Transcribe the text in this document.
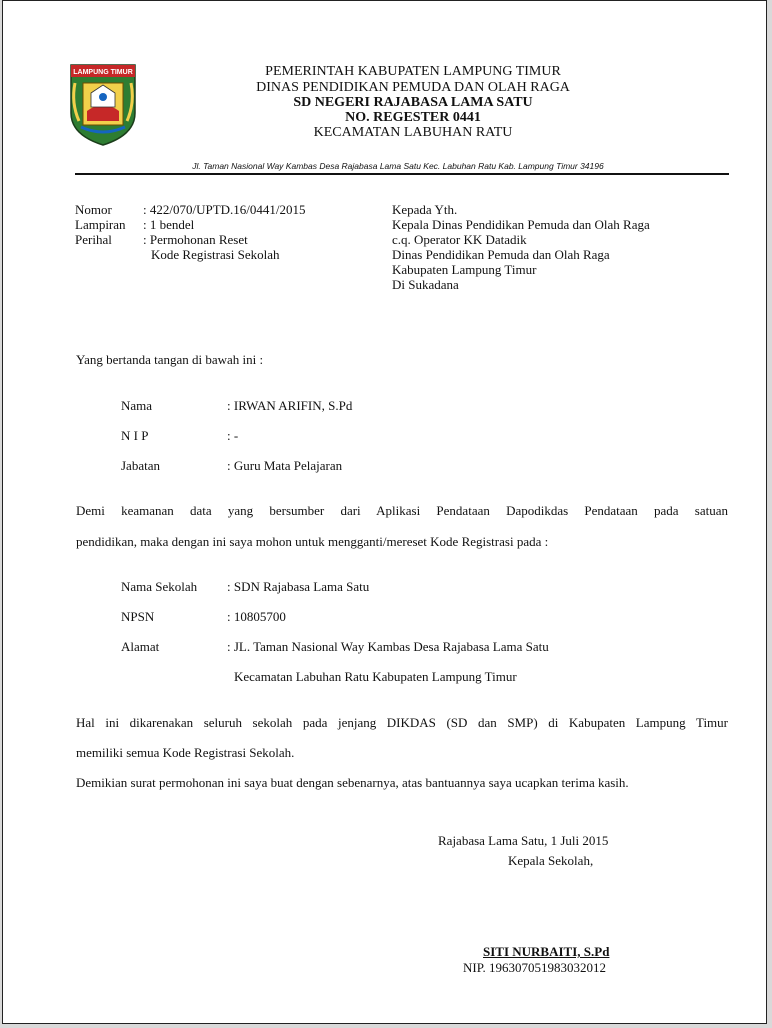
LAMPUNG TIMUR	PEMERINTAH KABUPATEN LAMPUNG TIMUR
DINAS PENDIDIKAN PEMUDA DAN OLAH RAGA
SD NEGERI RAJABASA LAMA SATU
NO. REGESTER 0441
KECAMATAN LABUHAN RATU
Jl. Taman Nasional Way Kambas Desa Rajabasa Lama Satu Kec. Labuhan Ratu Kab. Lampung Timur 34196
Nomor : 422/070/UPTD.16/0441/2015
Lampiran : 1 bendel
Perihal : Permohonan Reset
Kode Registrasi Sekolah
Kepada Yth.
Kepala Dinas Pendidikan Pemuda dan Olah Raga
c.q. Operator KK Datadik
Dinas Pendidikan Pemuda dan Olah Raga
Kabupaten Lampung Timur
Di Sukadana
Yang bertanda tangan di bawah ini :
Nama	: IRWAN ARIFIN, S.Pd
N I P	: -
Jabatan	: Guru Mata Pelajaran
Demi keamanan data yang bersumber dari Aplikasi Pendataan Dapodikdas Pendataan pada satuan
pendidikan, maka dengan ini saya mohon untuk mengganti/mereset Kode Registrasi pada :
Nama Sekolah : SDN Rajabasa Lama Satu
NPSN	: 10805700
Alamat	: JL. Taman Nasional Way Kambas Desa Rajabasa Lama Satu
Kecamatan Labuhan Ratu Kabupaten Lampung Timur
Hal ini dikarenakan seluruh sekolah pada jenjang DIKDAS (SD dan SMP) di Kabupaten Lampung Timur
memiliki semua Kode Registrasi Sekolah.
Demikian surat permohonan ini saya buat dengan sebenarnya, atas bantuannya saya ucapkan terima kasih.
Rajabasa Lama Satu, 1 Juli 2015
Kepala Sekolah,
SITI NURBAITI, S.Pd
NIP. 196307051983032012
